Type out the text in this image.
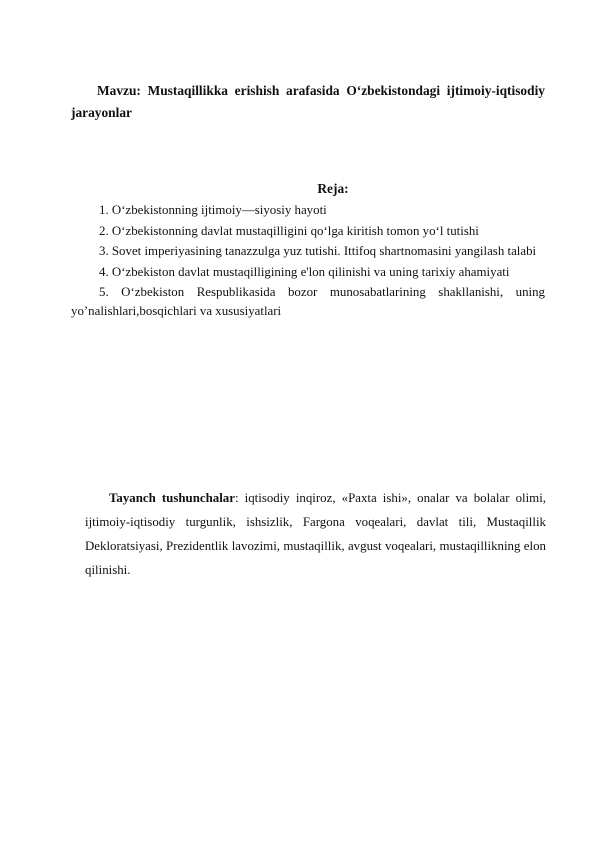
Mavzu: Mustaqillikka erishish arafasida O‘zbekistondagi ijtimoiy-iqtisodiy jarayonlar

Reja:

1. O‘zbekistonning ijtimoiy—siyosiy hayoti
2. O‘zbekistonning davlat mustaqilligini qo‘lga kiritish tomon yo‘l tutishi
3. Sovet imperiyasining tanazzulga yuz tutishi. Ittifoq shartnomasini yangilash talabi
4. O‘zbekiston davlat mustaqilligining e'lon qilinishi va uning tarixiy ahamiyati
5. O‘zbekiston Respublikasida bozor munosabatlarining shakllanishi, uning yo’nalishlari,bosqichlari va xususiyatlari

Tayanch tushunchalar: iqtisodiy inqiroz, «Paxta ishi», onalar va bolalar olimi, ijtimoiy-iqtisodiy turgunlik, ishsizlik, Fargona voqealari, davlat tili, Mustaqillik Dekloratsiyasi, Prezidentlik lavozimi, mustaqillik, avgust voqealari, mustaqillikning elon qilinishi.
